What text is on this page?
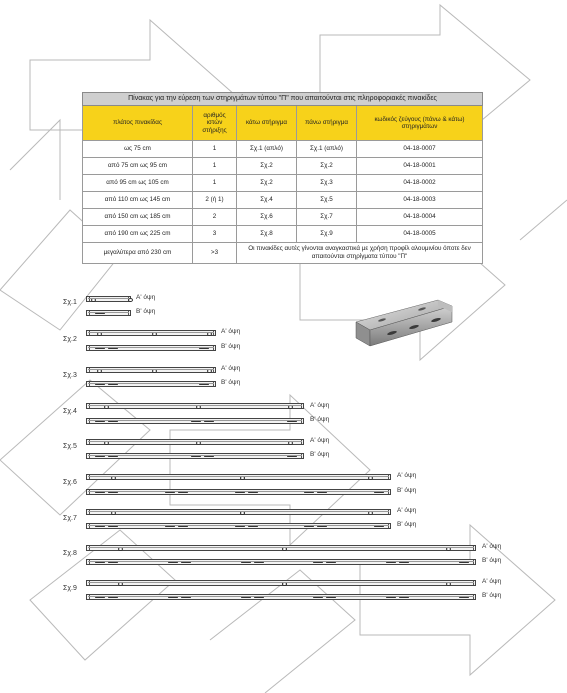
Πίνακας για την εύρεση των στηριγμάτων τύπου "Π" που απαιτούνται στις πληροφοριακές πινακίδες				
πλάτος πινακίδας	αριθμός ιστών στήριξης	κάτω στήριγμα	πάνω στήριγμα	κωδικός ζεύγους (πάνω & κάτω) στηριγμάτων
ως 75 cm	1	Σχ.1 (απλό)	Σχ.1 (απλό)	04-18-0007
από 75 cm ως 95 cm	1	Σχ.2	Σχ.2	04-18-0001
από 95 cm ως 105 cm	1	Σχ.2	Σχ.3	04-18-0002
από 110 cm ως 145 cm	2 (ή 1)	Σχ.4	Σχ.5	04-18-0003
από 150 cm ως 185 cm	2	Σχ.6	Σχ.7	04-18-0004
από 190 cm ως 225 cm	3	Σχ.8	Σχ.9	04-18-0005
μεγαλύτερα από 230 cm	>3	Οι πινακίδες αυτές γίνονται αναγκαστικά με χρήση προφίλ αλουμινίου όποτε δεν απαιτούνται στηρίγματα τύπου "Π"		
Σχ.1
Σχ.2
Σχ.3
Σχ.4
Σχ.5
Σχ.6
Σχ.7
Σχ.8
Σχ.9
Α' όψη
Β' όψη
Α' όψη
Β' όψη
Α' όψη
Β' όψη
Α' όψη
Β' όψη
Α' όψη
Β' όψη
Α' όψη
Β' όψη
Α' όψη
Β' όψη
Α' όψη
Β' όψη
Α' όψη
Β' όψη
